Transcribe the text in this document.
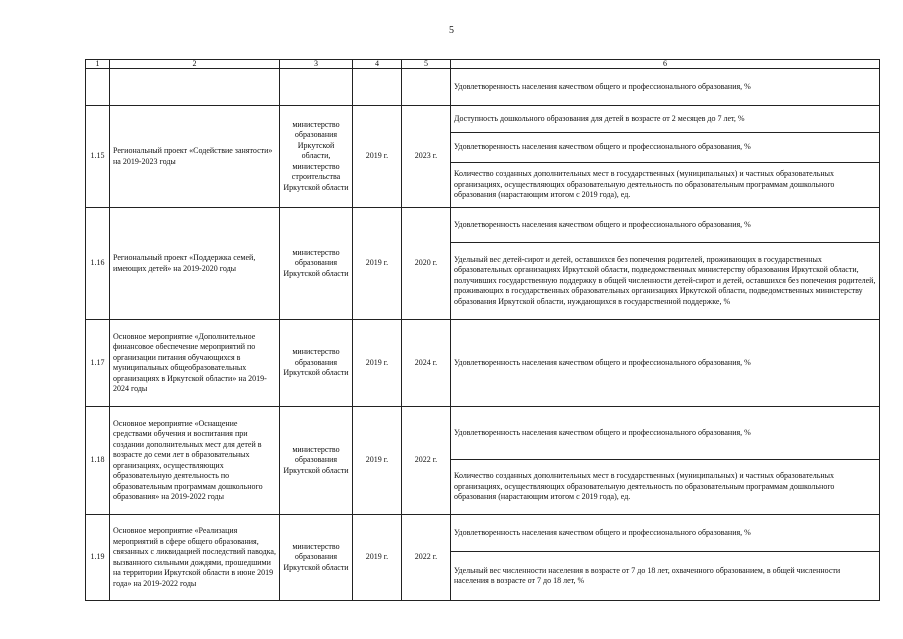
5
1	2	3	4	5	6
					Удовлетворенность населения качеством общего и профессионального образования, %
1.15	Региональный проект «Содействие занятости» на 2019-2023 годы	министерство образования Иркутской области, министерство строительства Иркутской области	2019 г.	2023 г.	Доступность дошкольного образования для детей в возрасте от 2 месяцев до 7 лет, %
					Удовлетворенность населения качеством общего и профессионального образования, %
					Количество созданных дополнительных мест в государственных (муниципальных) и частных образовательных организациях, осуществляющих образовательную деятельность по образовательным программам дошкольного образования (нарастающим итогом с 2019 года), ед.
1.16	Региональный проект «Поддержка семей, имеющих детей» на 2019-2020 годы	министерство образования Иркутской области	2019 г.	2020 г.	Удовлетворенность населения качеством общего и профессионального образования, %
					Удельный вес детей-сирот и детей, оставшихся без попечения родителей, проживающих в государственных образовательных организациях Иркутской области, подведомственных министерству образования Иркутской области, получивших государственную поддержку в общей численности детей-сирот и детей, оставшихся без попечения родителей, проживающих в государственных образовательных организациях Иркутской области, подведомственных министерству образования Иркутской области, нуждающихся в государственной поддержке, %
1.17	Основное мероприятие «Дополнительное финансовое обеспечение мероприятий по организации питания обучающихся в муниципальных общеобразовательных организациях в Иркутской области» на 2019-2024 годы	министерство образования Иркутской области	2019 г.	2024 г.	Удовлетворенность населения качеством общего и профессионального образования, %
1.18	Основное мероприятие «Оснащение средствами обучения и воспитания при создании дополнительных мест для детей в возрасте до семи лет в образовательных организациях, осуществляющих образовательную деятельность по образовательным программам дошкольного образования» на 2019-2022 годы	министерство образования Иркутской области	2019 г.	2022 г.	Удовлетворенность населения качеством общего и профессионального образования, %
					Количество созданных дополнительных мест в государственных (муниципальных) и частных образовательных организациях, осуществляющих образовательную деятельность по образовательным программам дошкольного образования (нарастающим итогом с 2019 года), ед.
1.19	Основное мероприятие «Реализация мероприятий в сфере общего образования, связанных с ликвидацией последствий паводка, вызванного сильными дождями, прошедшими на территории Иркутской области в июне 2019 года» на 2019-2022 годы	министерство образования Иркутской области	2019 г.	2022 г.	Удовлетворенность населения качеством общего и профессионального образования, %
					Удельный вес численности населения в возрасте от 7 до 18 лет, охваченного образованием, в общей численности населения в возрасте от 7 до 18 лет, %
